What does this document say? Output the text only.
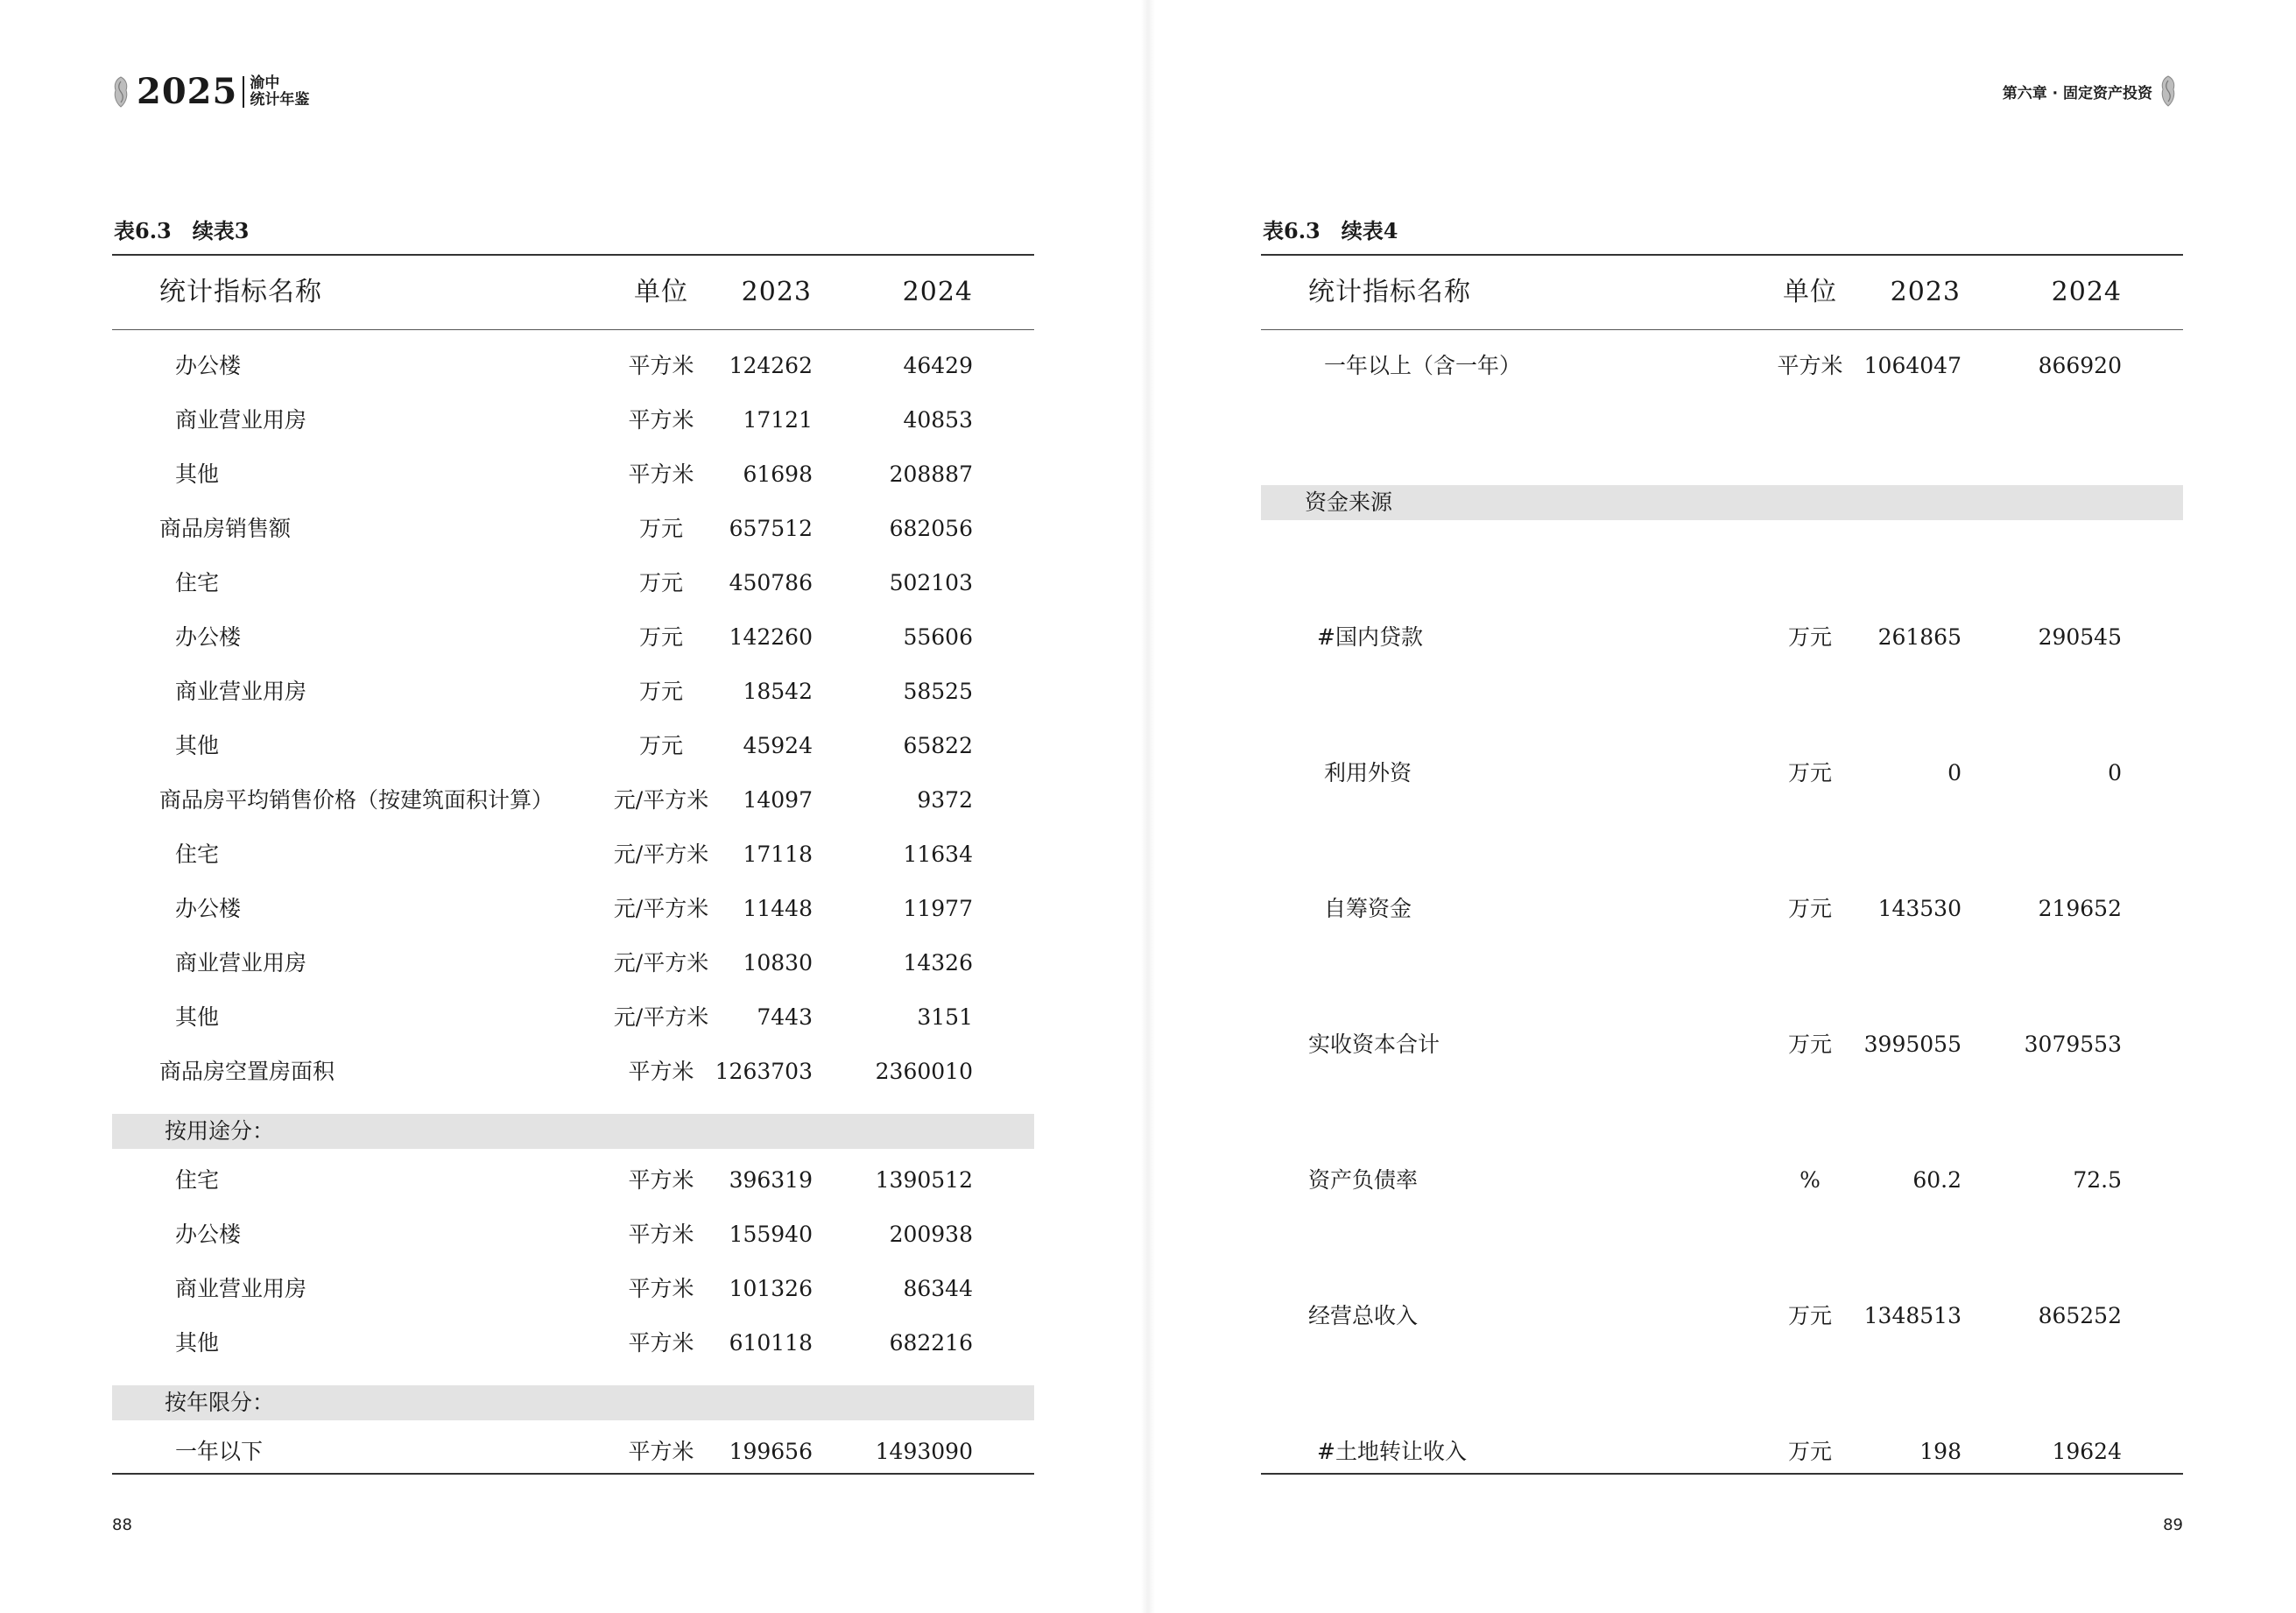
2025 渝中
统计年鉴	第六章 · 固定资产投资
表6.3　续表3
统计指标名称	单位	2023	2024
办公楼	平方米	124262	46429
商业营业用房	平方米	17121	40853
其他	平方米	61698	208887
商品房销售额	万元	657512	682056
住宅	万元	450786	502103
办公楼	万元	142260	55606
商业营业用房	万元	18542	58525
其他	万元	45924	65822
商品房平均销售价格（按建筑面积计算）	元/平方米	14097	9372
住宅	元/平方米	17118	11634
办公楼	元/平方米	11448	11977
商业营业用房	元/平方米	10830	14326
其他	元/平方米	7443	3151
商品房空置房面积	平方米 1263703	2360010
按用途分：
住宅	平方米	396319	1390512
办公楼	平方米	155940	200938
商业营业用房	平方米	101326	86344
其他	平方米	610118	682216
按年限分：
一年以下	平方米	199656	1493090
88
表6.3　续表4
统计指标名称	单位	2023	2024
一年以上（含一年）	平方米 1064047	866920
资金来源
#国内贷款	万元	261865	290545
利用外资	万元	0	0
自筹资金	万元	143530	219652
实收资本合计	万元	3995055	3079553
资产负债率	%	60.2	72.5
经营总收入	万元	1348513	865252
#土地转让收入	万元	198	19624
89
